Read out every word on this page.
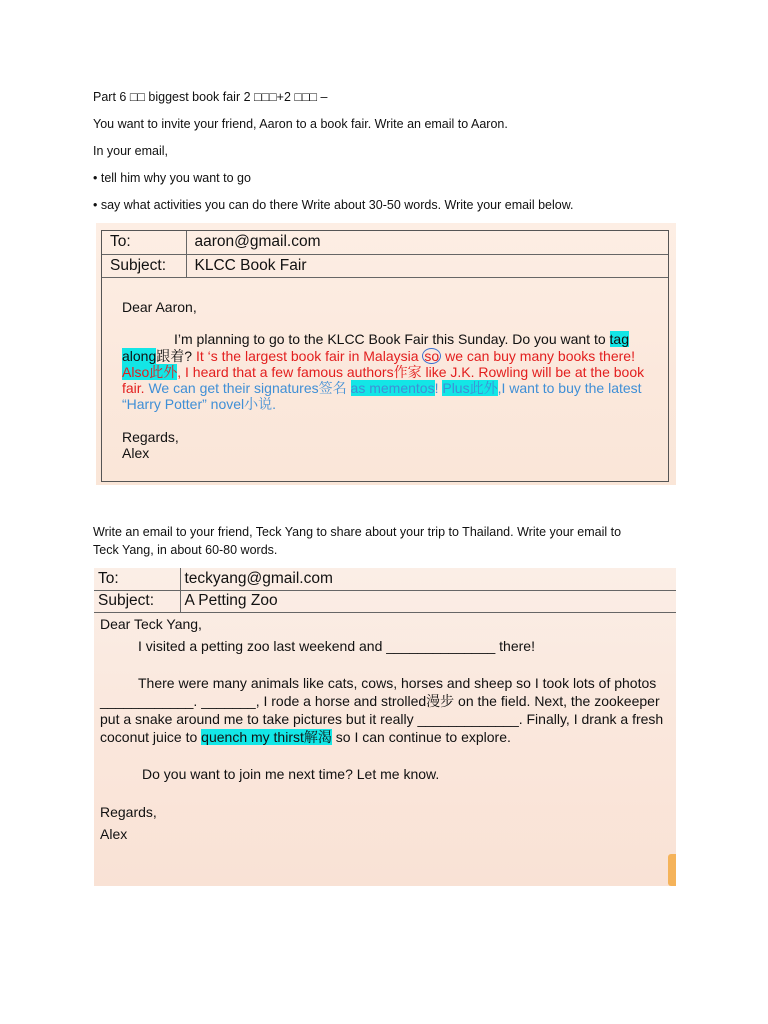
Part 6 □□ biggest book fair 2 □□□+2 □□□ –
You want to invite your friend, Aaron to a book fair. Write an email to Aaron.
In your email,
• tell him why you want to go
• say what activities you can do there Write about 30-50 words. Write your email below.
To:	aaron@gmail.com
Subject:	KLCC Book Fair
Dear Aaron,
I’m planning to go to the KLCC Book Fair this Sunday. Do you want to tag along跟着? It ‘s the largest book fair in Malaysia so we can buy many books there! Also此外, I heard that a few famous authors作家 like J.K. Rowling will be at the book fair. We can get their signatures签名 as mementos! Plus此外,I want to buy the latest “Harry Potter” novel小说.
Regards,
Alex
Write an email to your friend, Teck Yang to share about your trip to Thailand. Write your email to
Teck Yang, in about 60-80 words.
To:	teckyang@gmail.com
Subject:	A Petting Zoo
Dear Teck Yang,
I visited a petting zoo last weekend and ______________ there!
There were many animals like cats, cows, horses and sheep so I took lots of photos ____________. _______, I rode a horse and strolled漫步 on the field. Next, the zookeeper put a snake around me to take pictures but it really _____________. Finally, I drank a fresh coconut juice to quench my thirst解渴 so I can continue to explore.
Do you want to join me next time? Let me know.
Regards,
Alex
